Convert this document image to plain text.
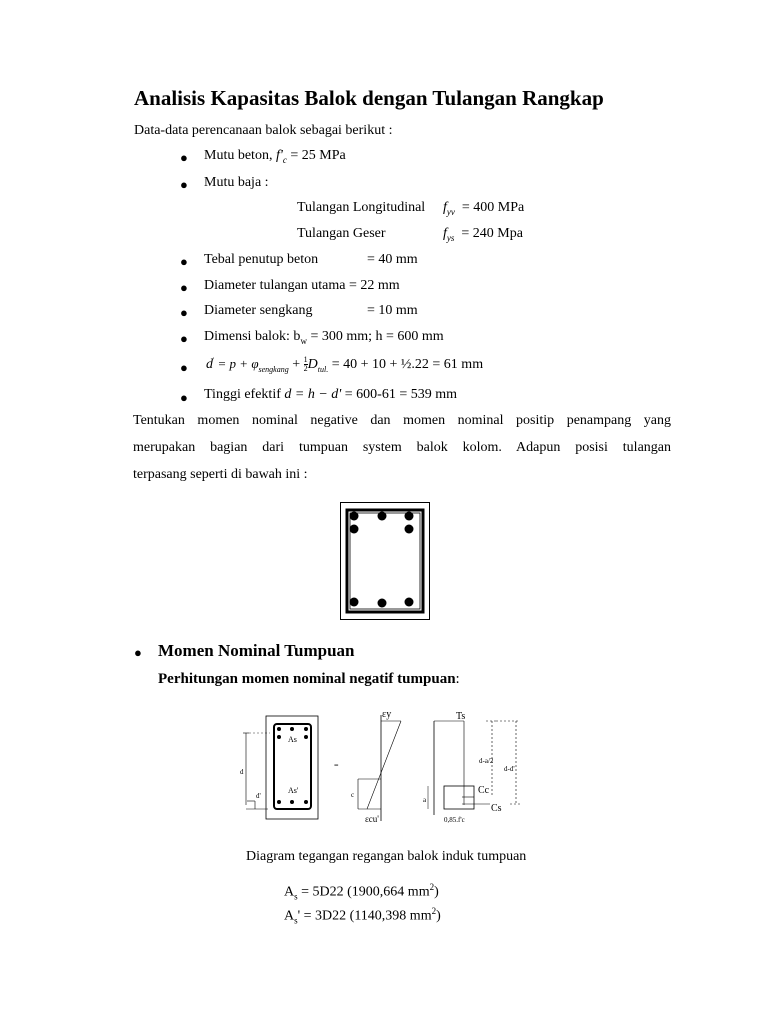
Analisis Kapasitas Balok dengan Tulangan Rangkap
Data-data perencanaan balok sebagai berikut :
● Mutu beton, $f'_c = 25$ MPa
● Mutu baja :
Tulangan Longitudinal $f_{yv} = 400$ MPa
Tulangan Geser	$f_{ys} = 240$ Mpa
● Tebal penutup beton	= 40 mm
● Diameter tulangan utama = 22 mm
● Diameter sengkang	= 10 mm
● Dimensi balok: $b_w = 300$ mm; h = 600 mm
● $d' = p + \varphi_{sengkang} + \frac{1}{2} D_{tul.} = 40 + 10$ + ½.22 = 61 mm
● Tinggi efektif d = h − d' = 600-61 = 539 mm
Tentukan momen nominal negative dan momen nominal positip penampang yang
merupakan bagian dari tumpuan system balok kolom. Adapun posisi tulangan
terpasang seperti di bawah ini :
● Momen Nominal Tumpuan
Perhitungan momen nominal negatif tumpuan:
As
As'
d
d'
=
c
εy
εcu'
Ts
Cc
Cs
a
0,85.f'c
d-a/2
d-d'
Diagram tegangan regangan balok induk tumpuan
$A_s = 5D22$ (1900,664 $mm^2$)
$A_s' = 3D22$ (1140,398 $mm^2$)
